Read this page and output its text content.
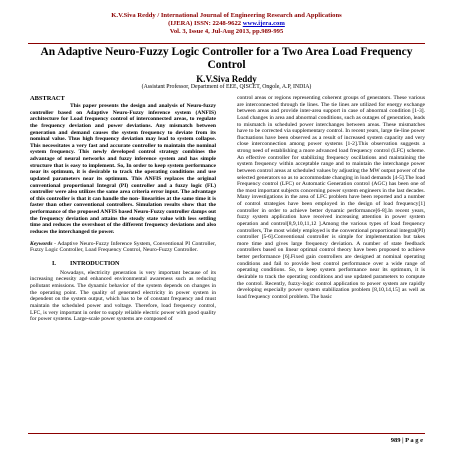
K.V.Siva Reddy / International Journal of Engineering Research and Applications
(IJERA) ISSN: 2248-9622 www.ijera.com
Vol. 3, Issue 4, Jul-Aug 2013, pp.989-995
An Adaptive Neuro-Fuzzy Logic Controller for a Two Area Load Frequency Control
K.V.Siva Reddy
(Assistant Professor, Department of EEE, QISCET, Ongole, A.P, INDIA)
ABSTRACT

This paper presents the design and analysis of Neuro-fuzzy controller based on Adaptive Neuro-Fuzzy inference system (ANFIS) architecture for Load frequency control of interconnected areas, to regulate the frequency deviation and power deviations. Any mismatch between generation and demand causes the system frequency to deviate from its nominal value. Thus high frequency deviation may lead to system collapse. This necessitates a very fast and accurate controller to maintain the nominal system frequency. This newly developed control strategy combines the advantage of neural networks and fuzzy inference system and has simple structure that is easy to implement. So, In order to keep system performance near its optimum, it is desirable to track the operating conditions and use updated parameters near its optimum. This ANFIS replaces the original conventional proportional Integral (PI) controller and a fuzzy logic (FL) controller were also utilizes the same area criteria error input. The advantage of this controller is that it can handle the non- linearities at the same time it is faster than other conventional controllers. Simulation results show that the performance of the proposed ANFIS based Neuro-Fuzzy controller damps out the frequency deviation and attains the steady state value with less settling time and reduces the overshoot of the different frequency deviations and also reduces the interchanged tie power.

Keywords - Adaptive Neuro-Fuzzy Inference System, Conventional PI Controller, Fuzzy Logic Controller, Load Frequency Control, Neuro-Fuzzy Controller.

I. INTRODUCTION

Nowadays, electricity generation is very important because of its increasing necessity and enhanced environmental awareness such as reducing pollutant emissions. The dynamic behavior of the system depends on changes in the operating point. The quality of generated electricity in power system in dependent on the system output, which has to be of constant frequency and must maintain the scheduled power and voltage. Therefore, load frequency control, LFC, is very important in order to supply reliable electric power with good quality for power systems. Large-scale power systems are composed of

control areas or regions representing coherent groups of generators. These various are interconnected through tie lines. The tie lines are utilized for energy exchange between areas and provide inter-area support in case of abnormal condition [1-3]. Load changes in area and abnormal conditions, such as outages of generation, leads to mismatch in scheduled power interchanges between areas. These mismatches have to be corrected via supplementary control. In recent years, large tie-line power fluctuations have been observed as a result of increased system capacity and very close interconnection among power systems [1-2].This observation suggests a strong need of establishing a more advanced load frequency control (LFC) scheme. An effective controller for stabilizing frequency oscillations and maintaining the system frequency within acceptable range and to maintain the interchange power between control areas at scheduled values by adjusting the MW output power of the selected generators so as to accommodate changing in load demands [4-5].The load Frequency control (LFC) or Automatic Generation control (AGC) has been one of the most important subjects concerning power system engineers in the last decades. Many investigations in the area of LFC problem have been reported and a number of control strategies have been employed in the design of load frequency[1] controller in order to achieve better dynamic performance[6-8].In recent years, fuzzy system application have received increasing attention in power system operation and control[8,9,10,11,12 ].Among the various types of load frequency controllers, The most widely employed is the conventional proportional integral(PI) controller [5-6].Conventional controller is simple for implementation but takes more time and gives large frequency deviation. A number of state feedback controllers based on linear optimal control theory have been proposed to achieve better performance [6].Fixed gain controllers are designed at nominal operating conditions and fail to provide best control performance over a wide range of operating conditions. So, to keep system performance near its optimum, it is desirable to track the operating conditions and use updated parameters to compute the control. Recently, fuzzy-logic control application to power system are rapidly developing especially power system stabilization problem [8,10,14,15] as well as load frequency control problem. The basic

989 | P a g e
